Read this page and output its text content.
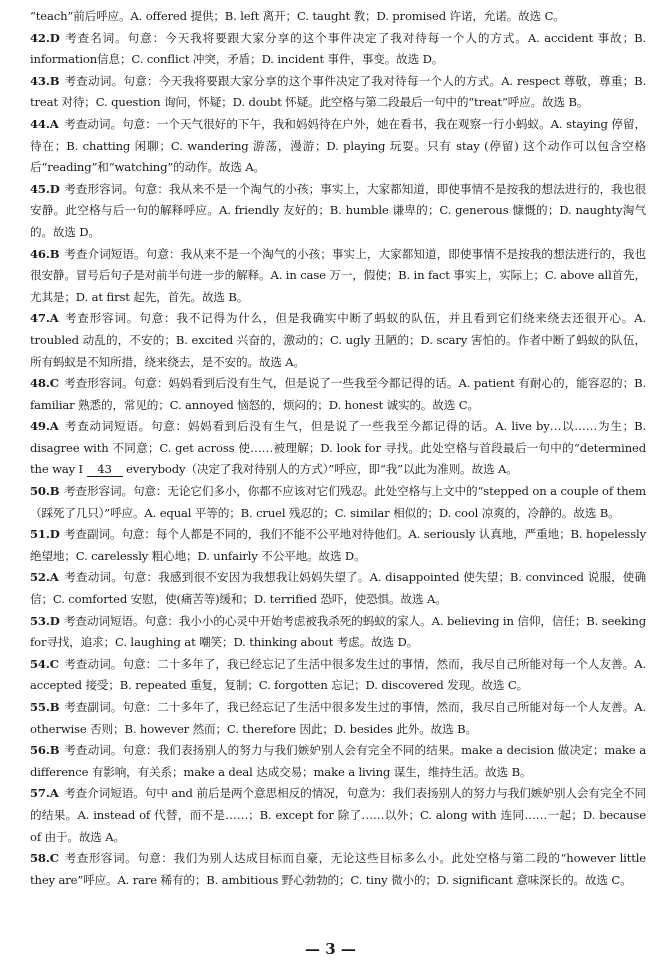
“teach”前后呼应。A. offered 提供；B. left 离开；C. taught 教；D. promised 许诺，允诺。故选 C。
42.D 考查名词。句意：今天我将要跟大家分享的这个事件决定了我对待每一个人的方式。A. accident 事故；B. information信息；C. conflict 冲突，矛盾；D. incident 事件，事变。故选 D。
43.B 考查动词。句意：今天我将要跟大家分享的这个事件决定了我对待每一个人的方式。A. respect 尊敬，尊重；B. treat 对待；C. question 询问，怀疑；D. doubt 怀疑。此空格与第二段最后一句中的“treat”呼应。故选 B。
44.A 考查动词。句意：一个天气很好的下午，我和妈妈待在户外，她在看书，我在观察一行小蚂蚁。A. staying 停留，待在；B. chatting 闲聊；C. wandering 游荡，漫游；D. playing 玩耍。只有 stay (停留) 这个动作可以包含空格后“reading”和“watching”的动作。故选 A。
45.D 考查形容词。句意：我从来不是一个淘气的小孩；事实上，大家都知道，即使事情不是按我的想法进行的，我也很安静。此空格与后一句的解释呼应。A. friendly 友好的；B. humble 谦卑的；C. generous 慷慨的；D. naughty淘气的。故选 D。
46.B 考查介词短语。句意：我从来不是一个淘气的小孩；事实上，大家都知道，即使事情不是按我的想法进行的，我也很安静。冒号后句子是对前半句进一步的解释。A. in case 万一，假使；B. in fact 事实上，实际上；C. above all首先，尤其是；D. at first 起先，首先。故选 B。
47.A 考查形容词。句意：我不记得为什么，但是我确实中断了蚂蚁的队伍，并且看到它们绕来绕去还很开心。A. troubled 动乱的，不安的；B. excited 兴奋的，激动的；C. ugly 丑陋的；D. scary 害怕的。作者中断了蚂蚁的队伍，所有蚂蚁是不知所措，绕来绕去，是不安的。故选 A。
48.C 考查形容词。句意：妈妈看到后没有生气，但是说了一些我至今都记得的话。A. patient 有耐心的，能容忍的；B. familiar 熟悉的，常见的；C. annoyed 恼怒的，烦闷的；D. honest 诚实的。故选 C。
49.A 考查动词短语。句意：妈妈看到后没有生气，但是说了一些我至今都记得的话。A. live by…以……为生；B. disagree with 不同意；C. get across 使……被理解；D. look for 寻找。此处空格与首段最后一句中的“determined the way I 43 everybody（决定了我对待别人的方式）”呼应，即“我”以此为准则。故选 A。
50.B 考查形容词。句意：无论它们多小，你都不应该对它们残忍。此处空格与上文中的“stepped on a couple of them（踩死了几只）”呼应。A. equal 平等的；B. cruel 残忍的；C. similar 相似的；D. cool 凉爽的，冷静的。故选 B。
51.D 考查副词。句意：每个人都是不同的，我们不能不公平地对待他们。A. seriously 认真地，严重地；B. hopelessly绝望地；C. carelessly 粗心地；D. unfairly 不公平地。故选 D。
52.A 考查动词。句意：我感到很不安因为我想我让妈妈失望了。A. disappointed 使失望；B. convinced 说服，使确信；C. comforted 安慰，使(痛苦等)缓和；D. terrified 恐吓，使恐惧。故选 A。
53.D 考查动词短语。句意：我小小的心灵中开始考虑被我杀死的蚂蚁的家人。A. believing in 信仰，信任；B. seeking for寻找，追求；C. laughing at 嘲笑；D. thinking about 考虑。故选 D。
54.C 考查动词。句意：二十多年了，我已经忘记了生活中很多发生过的事情，然而，我尽自己所能对每一个人友善。A. accepted 接受；B. repeated 重复，复制；C. forgotten 忘记；D. discovered 发现。故选 C。
55.B 考查副词。句意：二十多年了，我已经忘记了生活中很多发生过的事情，然而，我尽自己所能对每一个人友善。A. otherwise 否则；B. however 然而；C. therefore 因此；D. besides 此外。故选 B。
56.B 考查动词。句意：我们表扬别人的努力与我们嫉妒别人会有完全不同的结果。make a decision 做决定；make a difference 有影响，有关系；make a deal 达成交易；make a living 谋生，维持生活。故选 B。
57.A 考查介词短语。句中 and 前后是两个意思相反的情况，句意为：我们表扬别人的努力与我们嫉妒别人会有完全不同的结果。A. instead of 代替，而不是……；B. except for 除了……以外；C. along with 连同……一起；D. because of 由于。故选 A。
58.C 考查形容词。句意：我们为别人达成目标而自豪，无论这些目标多么小。此处空格与第二段的“however little they are”呼应。A. rare 稀有的；B. ambitious 野心勃勃的；C. tiny 微小的；D. significant 意味深长的。故选 C。
— 3 —
